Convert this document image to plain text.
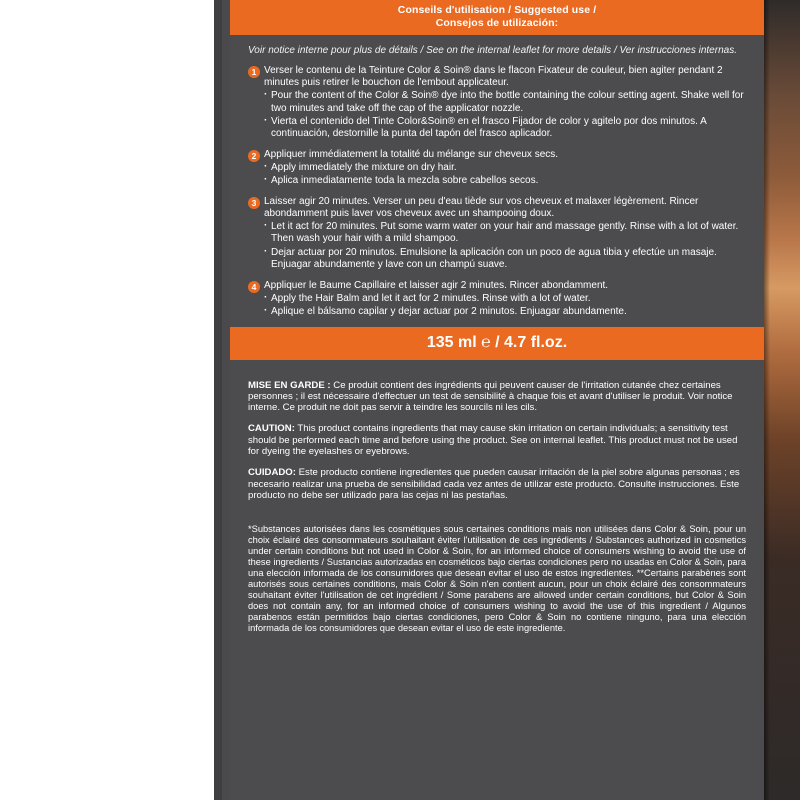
Conseils d'utilisation / Suggested use /
Consejos de utilización:
Voir notice interne pour plus de détails / See on the internal leaflet for more details / Ver instrucciones internas.
1 Verser le contenu de la Teinture Color & Soin® dans le flacon Fixateur de couleur, bien agiter pendant 2 minutes puis retirer le bouchon de l'embout applicateur.

· Pour the content of the Color & Soin® dye into the bottle containing the colour setting agent. Shake well for two minutes and take off the cap of the applicator nozzle.

· Vierta el contenido del Tinte Color&Soin® en el frasco Fijador de color y agitelo por dos minutos. A continuación, destornille la punta del tapón del frasco aplicador.

2 Appliquer immédiatement la totalité du mélange sur cheveux secs.

· Apply immediately the mixture on dry hair.

· Aplica inmediatamente toda la mezcla sobre cabellos secos.

3 Laisser agir 20 minutes. Verser un peu d'eau tiède sur vos cheveux et malaxer légèrement. Rincer abondamment puis laver vos cheveux avec un shampooing doux.

· Let it act for 20 minutes. Put some warm water on your hair and massage gently. Rinse with a lot of water. Then wash your hair with a mild shampoo.

· Dejar actuar por 20 minutos. Emulsione la aplicación con un poco de agua tibia y efectúe un masaje. Enjuagar abundamente y lave con un champú suave.

4 Appliquer le Baume Capillaire et laisser agir 2 minutes. Rincer abondamment.

· Apply the Hair Balm and let it act for 2 minutes. Rinse with a lot of water.

· Aplique el bálsamo capilar y dejar actuar por 2 minutos. Enjuagar abundamente.

135 ml ℮ / 4.7 fl.oz.

MISE EN GARDE : Ce produit contient des ingrédients qui peuvent causer de l'irritation cutanée chez certaines personnes ; il est nécessaire d'effectuer un test de sensibilité à chaque fois et avant d'utiliser le produit. Voir notice interne. Ce produit ne doit pas servir à teindre les sourcils ni les cils.

CAUTION: This product contains ingredients that may cause skin irritation on certain individuals; a sensitivity test should be performed each time and before using the product. See on internal leaflet. This product must not be used for dyeing the eyelashes or eyebrows.

CUIDADO: Este producto contiene ingredientes que pueden causar irritación de la piel sobre algunas personas ; es necesario realizar una prueba de sensibilidad cada vez antes de utilizar este producto. Consulte instrucciones. Este producto no debe ser utilizado para las cejas ni las pestañas.

*Substances autorisées dans les cosmétiques sous certaines conditions mais non utilisées dans Color & Soin, pour un choix éclairé des consommateurs souhaitant éviter l'utilisation de ces ingrédients / Substances authorized in cosmetics under certain conditions but not used in Color & Soin, for an informed choice of consumers wishing to avoid the use of these ingredients / Sustancias autorizadas en cosméticos bajo ciertas condiciones pero no usadas en Color & Soin, para una elección informada de los consumidores que desean evitar el uso de estos ingredientes. **Certains parabènes sont autorisés sous certaines conditions, mais Color & Soin n'en contient aucun, pour un choix éclairé des consommateurs souhaitant éviter l'utilisation de cet ingrédient / Some parabens are allowed under certain conditions, but Color & Soin does not contain any, for an informed choice of consumers wishing to avoid the use of this ingredient / Algunos parabenos están permitidos bajo ciertas condiciones, pero Color & Soin no contiene ninguno, para una elección informada de los consumidores que desean evitar el uso de este ingrediente.
